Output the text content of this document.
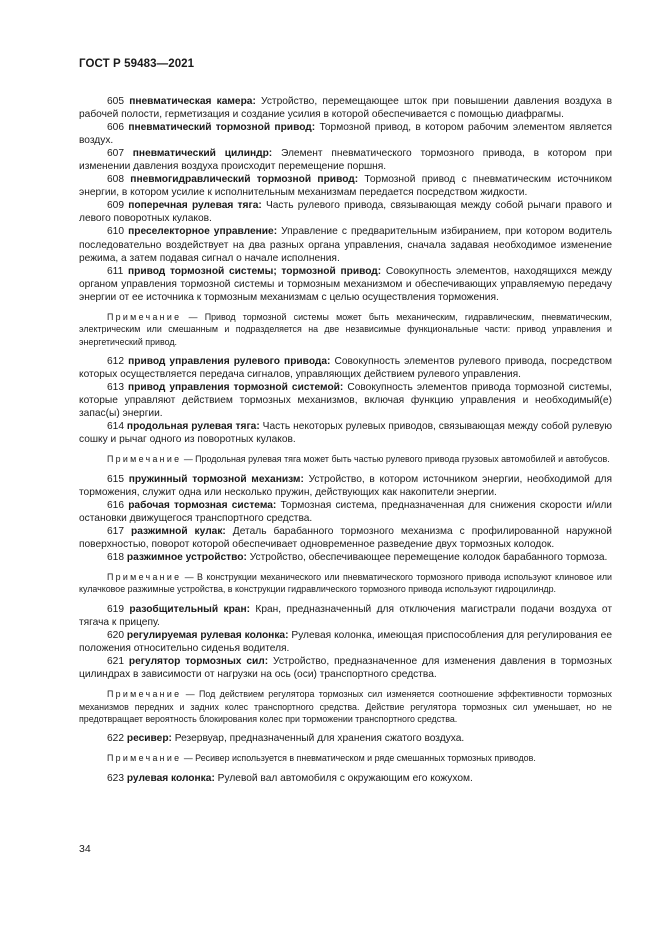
ГОСТ Р 59483—2021

605 пневматическая камера: Устройство, перемещающее шток при повышении давления воздуха в рабочей полости, герметизация и создание усилия в которой обеспечивается с помощью диафрагмы.

606 пневматический тормозной привод: Тормозной привод, в котором рабочим элементом является воздух.

607 пневматический цилиндр: Элемент пневматического тормозного привода, в котором при изменении давления воздуха происходит перемещение поршня.

608 пневмогидравлический тормозной привод: Тормозной привод с пневматическим источником энергии, в котором усилие к исполнительным механизмам передается посредством жидкости.

609 поперечная рулевая тяга: Часть рулевого привода, связывающая между собой рычаги правого и левого поворотных кулаков.

610 преселекторное управление: Управление с предварительным избиранием, при котором водитель последовательно воздействует на два разных органа управления, сначала задавая необходимое изменение режима, а затем подавая сигнал о начале исполнения.

611 привод тормозной системы; тормозной привод: Совокупность элементов, находящихся между органом управления тормозной системы и тормозным механизмом и обеспечивающих управляемую передачу энергии от ее источника к тормозным механизмам с целью осуществления торможения.

Примечание — Привод тормозной системы может быть механическим, гидравлическим, пневматическим, электрическим или смешанным и подразделяется на две независимые функциональные части: привод управления и энергетический привод.

612 привод управления рулевого привода: Совокупность элементов рулевого привода, посредством которых осуществляется передача сигналов, управляющих действием рулевого управления.

613 привод управления тормозной системой: Совокупность элементов привода тормозной системы, которые управляют действием тормозных механизмов, включая функцию управления и необходимый(е) запас(ы) энергии.

614 продольная рулевая тяга: Часть некоторых рулевых приводов, связывающая между собой рулевую сошку и рычаг одного из поворотных кулаков.

Примечание — Продольная рулевая тяга может быть частью рулевого привода грузовых автомобилей и автобусов.

615 пружинный тормозной механизм: Устройство, в котором источником энергии, необходимой для торможения, служит одна или несколько пружин, действующих как накопители энергии.

616 рабочая тормозная система: Тормозная система, предназначенная для снижения скорости и/или остановки движущегося транспортного средства.

617 разжимной кулак: Деталь барабанного тормозного механизма с профилированной наружной поверхностью, поворот которой обеспечивает одновременное разведение двух тормозных колодок.

618 разжимное устройство: Устройство, обеспечивающее перемещение колодок барабанного тормоза.

Примечание — В конструкции механического или пневматического тормозного привода используют клиновое или кулачковое разжимные устройства, в конструкции гидравлического тормозного привода используют гидроцилиндр.

619 разобщительный кран: Кран, предназначенный для отключения магистрали подачи воздуха от тягача к прицепу.

620 регулируемая рулевая колонка: Рулевая колонка, имеющая приспособления для регулирования ее положения относительно сиденья водителя.

621 регулятор тормозных сил: Устройство, предназначенное для изменения давления в тормозных цилиндрах в зависимости от нагрузки на ось (оси) транспортного средства.

Примечание — Под действием регулятора тормозных сил изменяется соотношение эффективности тормозных механизмов передних и задних колес транспортного средства. Действие регулятора тормозных сил уменьшает, но не предотвращает вероятность блокирования колес при торможении транспортного средства.

622 ресивер: Резервуар, предназначенный для хранения сжатого воздуха.

Примечание — Ресивер используется в пневматическом и ряде смешанных тормозных приводов.

623 рулевая колонка: Рулевой вал автомобиля с окружающим его кожухом.

34
